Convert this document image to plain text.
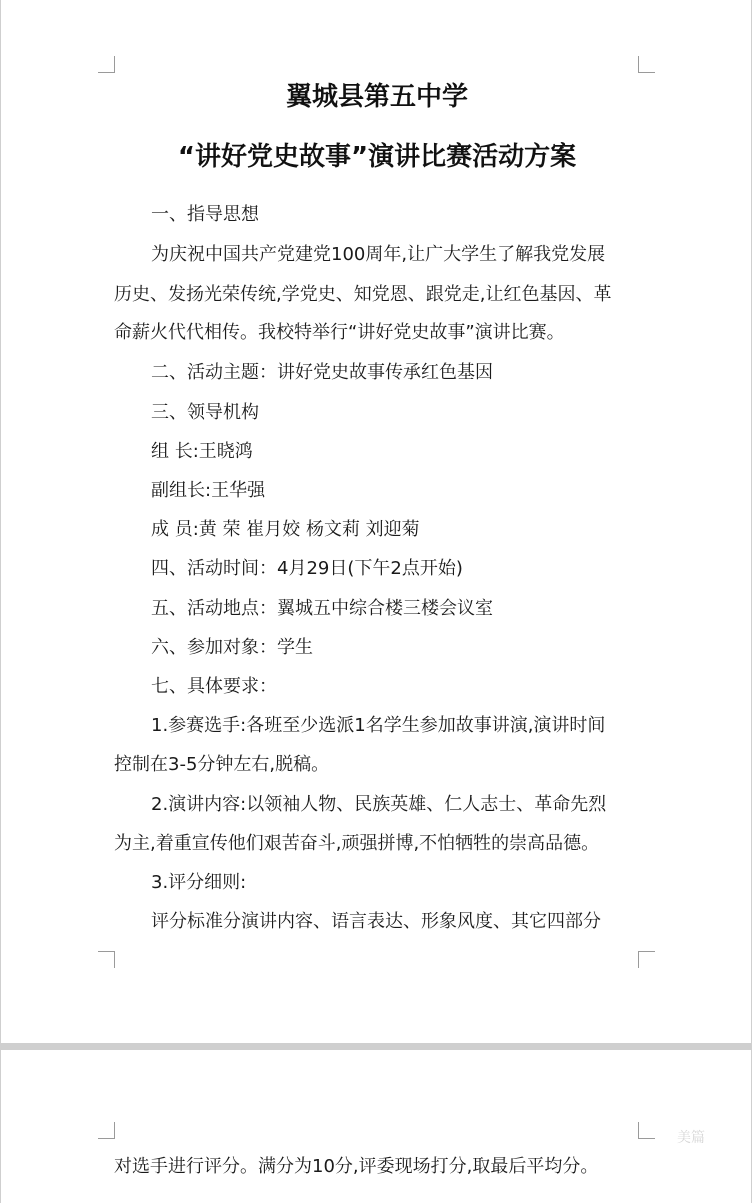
翼城县第五中学
“讲好党史故事”演讲比赛活动方案
一、指导思想
为庆祝中国共产党建党100周年,让广大学生了解我党发展
历史、发扬光荣传统,学党史、知党恩、跟党走,让红色基因、革
命薪火代代相传。我校特举行“讲好党史故事”演讲比赛。
二、活动主题：讲好党史故事传承红色基因
三、领导机构
组 长:王晓鸿
副组长:王华强
成 员:黄 荣 崔月姣 杨文莉 刘迎菊
四、活动时间：4月29日(下午2点开始)
五、活动地点：翼城五中综合楼三楼会议室
六、参加对象：学生
七、具体要求：
1.参赛选手:各班至少选派1名学生参加故事讲演,演讲时间
控制在3-5分钟左右,脱稿。
2.演讲内容:以领袖人物、民族英雄、仁人志士、革命先烈
为主,着重宣传他们艰苦奋斗,顽强拼博,不怕牺牲的崇高品德。
3.评分细则:
评分标准分演讲内容、语言表达、形象风度、其它四部分
对选手进行评分。满分为10分,评委现场打分,取最后平均分。
美篇
